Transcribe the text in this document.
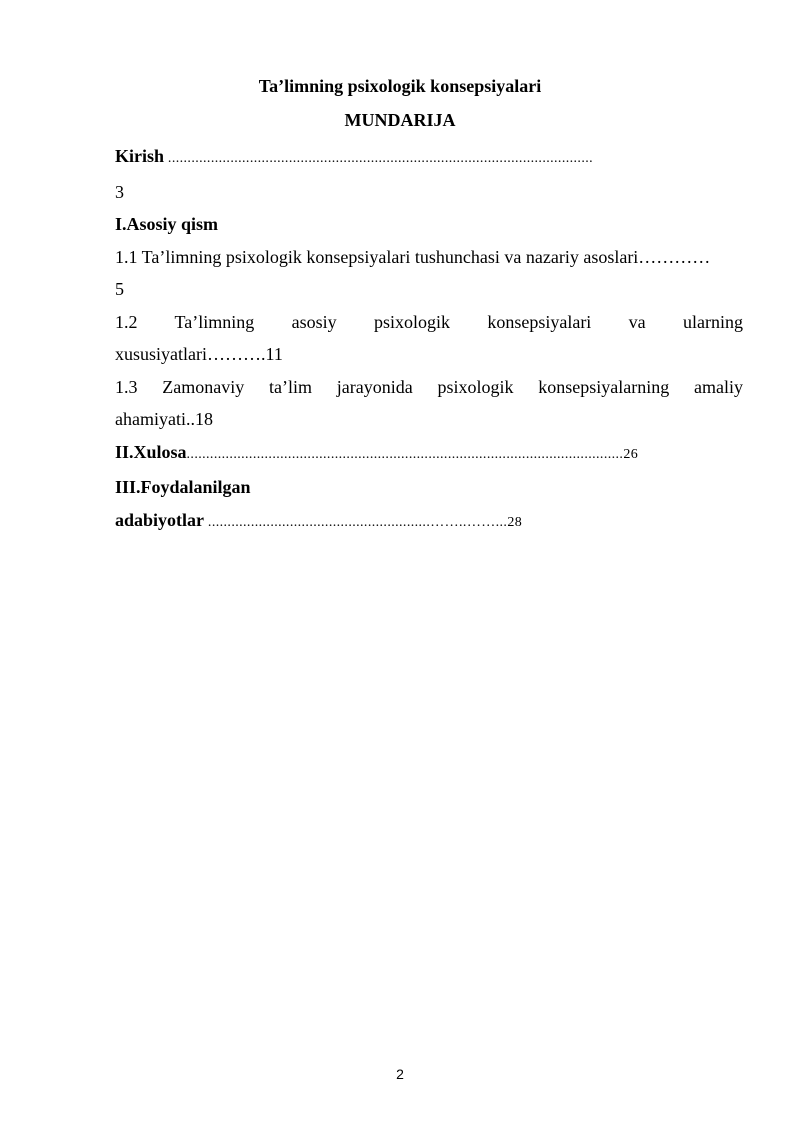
Ta’limning psixologik konsepsiyalari
MUNDARIJA
Kirish .............................................................................................................
3
I.Asosiy qism
1.1 Ta’limning psixologik konsepsiyalari tushunchasi va nazariy asoslari…………
5
1.2 Ta’limning asosiy psixologik konsepsiyalari va ularning
xususiyatlari……….11
1.3 Zamonaviy ta’lim jarayonida psixologik konsepsiyalarning amaliy
ahamiyati..18
II.Xulosa................................................................................................................26
III.Foydalanilgan
adabiyotlar .........................................................……..……...28
2
